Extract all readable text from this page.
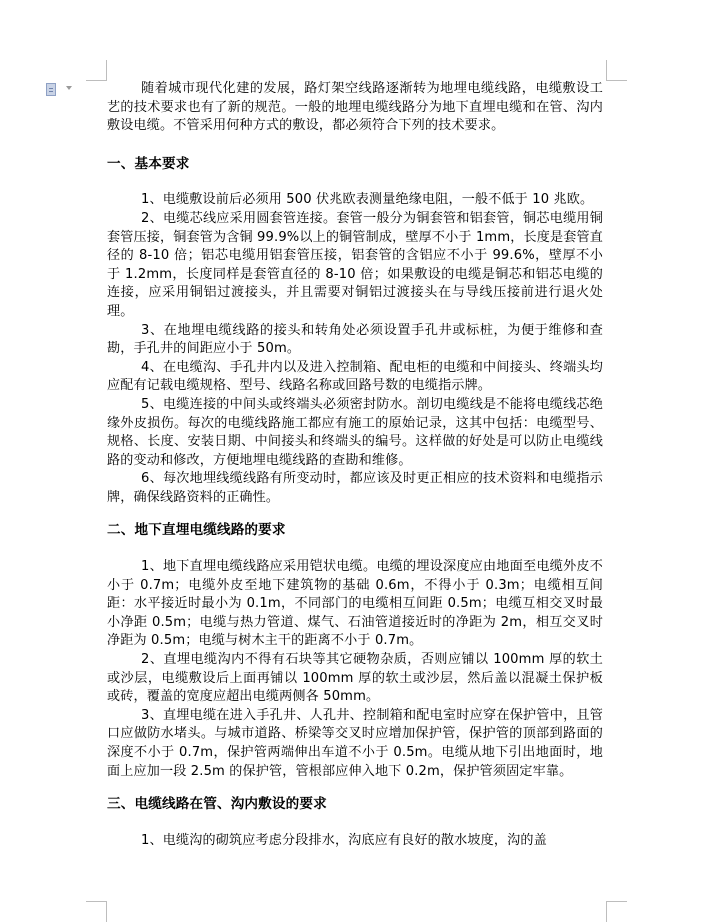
随着城市现代化建的发展，路灯架空线路逐渐转为地埋电缆线路，电缆敷设工艺的技术要求也有了新的规范。一般的地埋电缆线路分为地下直埋电缆和在管、沟内敷设电缆。不管采用何种方式的敷设，都必须符合下列的技术要求。

一、基本要求

1、电缆敷设前后必须用 500 伏兆欧表测量绝缘电阻，一般不低于 10 兆欧。

2、电缆芯线应采用圆套管连接。套管一般分为铜套管和铝套管，铜芯电缆用铜套管压接，铜套管为含铜 99.9%以上的铜管制成，壁厚不小于 1mm，长度是套管直径的 8-10 倍；铝芯电缆用铝套管压接，铝套管的含铝应不小于 99.6%，壁厚不小于 1.2mm，长度同样是套管直径的 8-10 倍；如果敷设的电缆是铜芯和铝芯电缆的连接，应采用铜铝过渡接头，并且需要对铜铝过渡接头在与导线压接前进行退火处理。

3、在地埋电缆线路的接头和转角处必须设置手孔井或标桩，为便于维修和查勘，手孔井的间距应小于 50m。

4、在电缆沟、手孔井内以及进入控制箱、配电柜的电缆和中间接头、终端头均应配有记载电缆规格、型号、线路名称或回路号数的电缆指示牌。

5、电缆连接的中间头或终端头必须密封防水。剖切电缆线是不能将电缆线芯绝缘外皮损伤。每次的电缆线路施工都应有施工的原始记录，这其中包括：电缆型号、规格、长度、安装日期、中间接头和终端头的编号。这样做的好处是可以防止电缆线路的变动和修改，方便地埋电缆线路的查勘和维修。

6、每次地埋线缆线路有所变动时，都应该及时更正相应的技术资料和电缆指示牌，确保线路资料的正确性。

二、地下直埋电缆线路的要求

1、地下直埋电缆线路应采用铠状电缆。电缆的埋设深度应由地面至电缆外皮不小于 0.7m；电缆外皮至地下建筑物的基础 0.6m，不得小于 0.3m；电缆相互间距：水平接近时最小为 0.1m，不同部门的电缆相互间距 0.5m；电缆互相交叉时最小净距 0.5m；电缆与热力管道、煤气、石油管道接近时的净距为 2m，相互交叉时净距为 0.5m；电缆与树木主干的距离不小于 0.7m。

2、直埋电缆沟内不得有石块等其它硬物杂质，否则应铺以 100mm 厚的软土或沙层，电缆敷设后上面再铺以 100mm 厚的软土或沙层，然后盖以混凝土保护板或砖，覆盖的宽度应超出电缆两侧各 50mm。

3、直埋电缆在进入手孔井、人孔井、控制箱和配电室时应穿在保护管中，且管口应做防水堵头。与城市道路、桥梁等交叉时应增加保护管，保护管的顶部到路面的深度不小于 0.7m，保护管两端伸出车道不小于 0.5m。电缆从地下引出地面时，地面上应加一段 2.5m 的保护管，管根部应伸入地下 0.2m，保护管须固定牢靠。

三、电缆线路在管、沟内敷设的要求

1、电缆沟的砌筑应考虑分段排水，沟底应有良好的散水坡度，沟的盖
